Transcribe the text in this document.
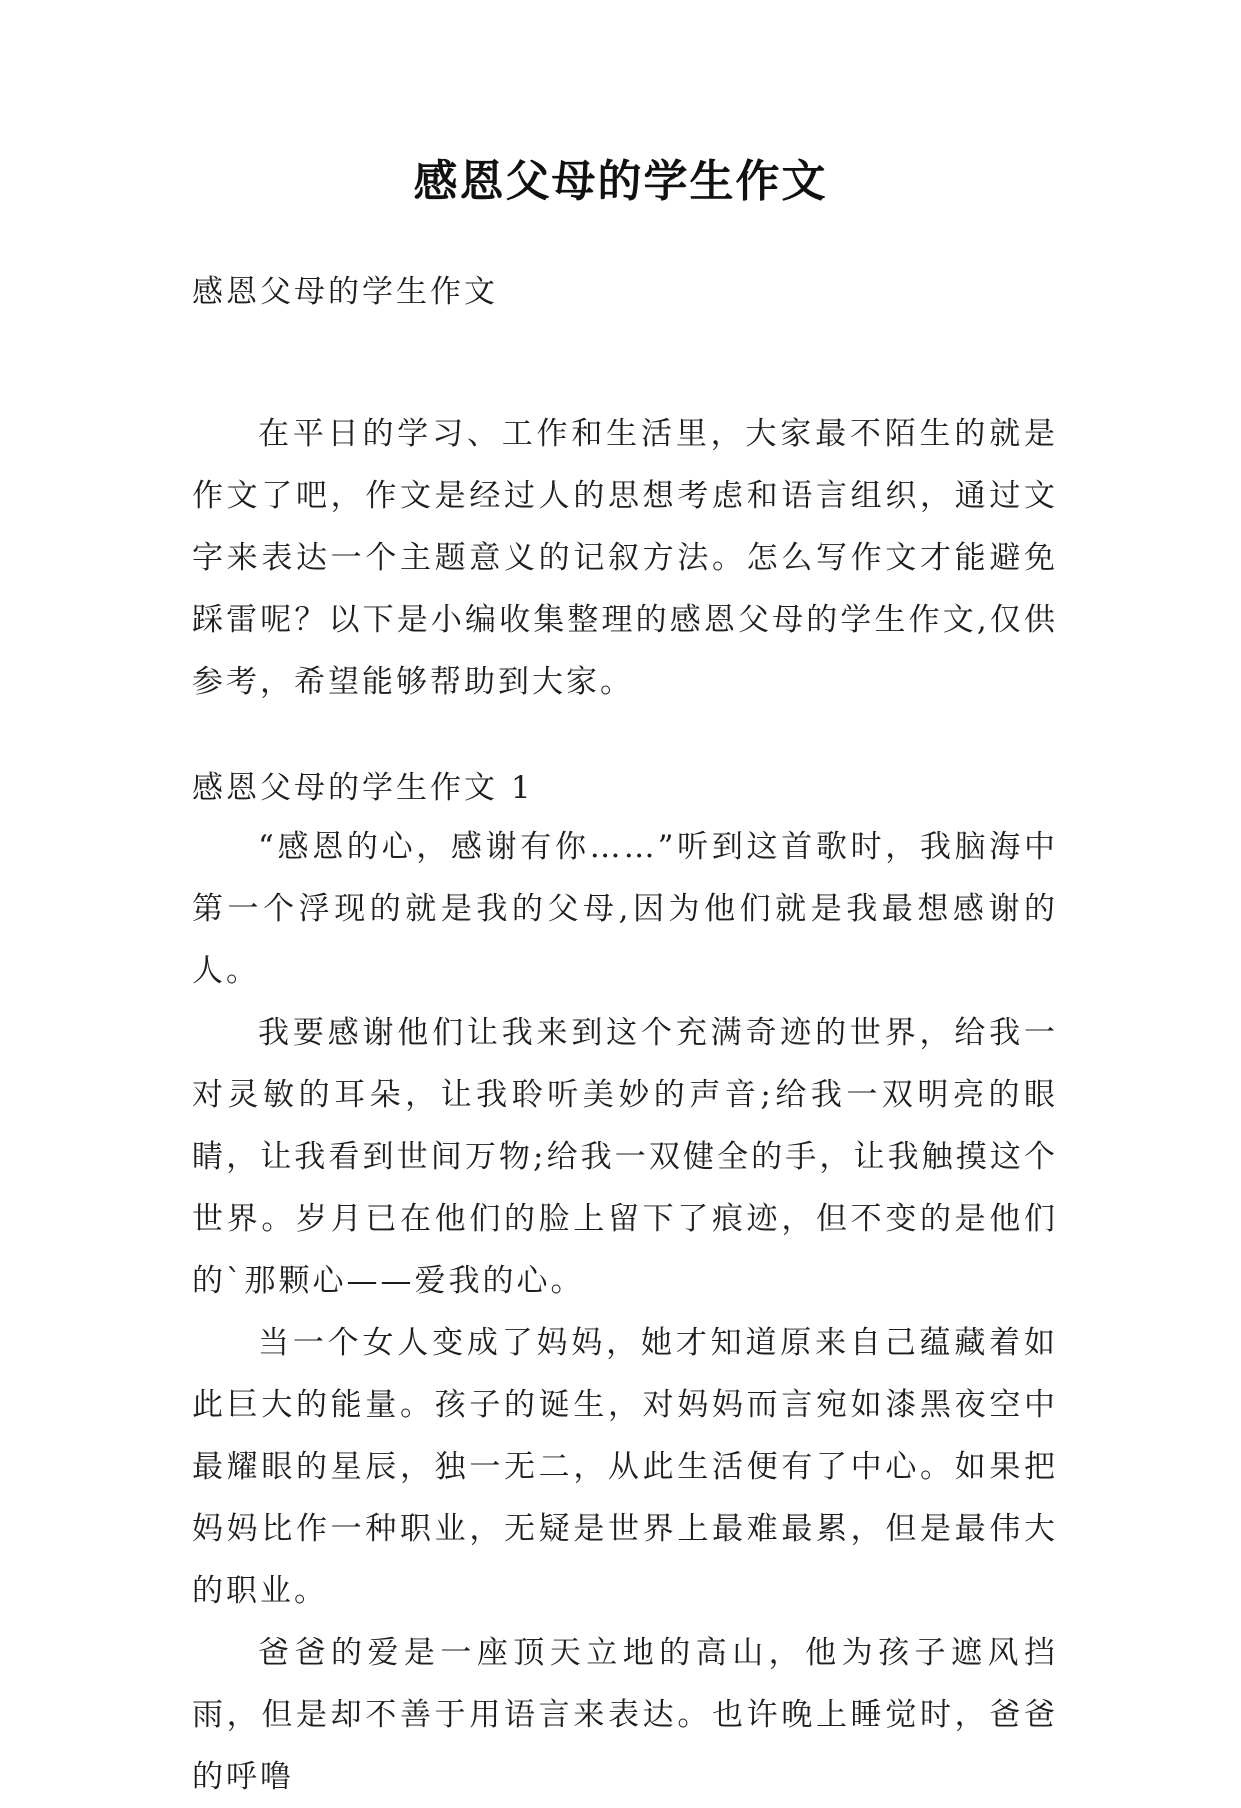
感恩父母的学生作文
感恩父母的学生作文

在平日的学习、工作和生活里，大家最不陌生的就是作文了吧，作文是经过人的思想考虑和语言组织，通过文字来表达一个主题意义的记叙方法。怎么写作文才能避免踩雷呢？以下是小编收集整理的感恩父母的学生作文,仅供参考，希望能够帮助到大家。

感恩父母的学生作文 1

“感恩的心，感谢有你……”听到这首歌时，我脑海中第一个浮现的就是我的父母,因为他们就是我最想感谢的人。

我要感谢他们让我来到这个充满奇迹的世界，给我一对灵敏的耳朵，让我聆听美妙的声音;给我一双明亮的眼睛，让我看到世间万物;给我一双健全的手，让我触摸这个世界。岁月已在他们的脸上留下了痕迹，但不变的是他们的`那颗心——爱我的心。

当一个女人变成了妈妈，她才知道原来自己蕴藏着如此巨大的能量。孩子的诞生，对妈妈而言宛如漆黑夜空中最耀眼的星辰，独一无二，从此生活便有了中心。如果把妈妈比作一种职业，无疑是世界上最难最累，但是最伟大的职业。

爸爸的爱是一座顶天立地的高山，他为孩子遮风挡雨，但是却不善于用语言来表达。也许晚上睡觉时，爸爸的呼噜
